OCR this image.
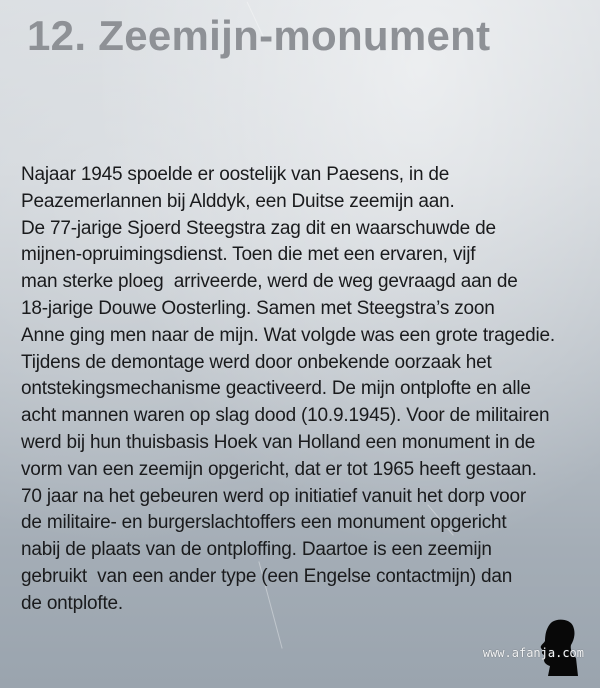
12. Zeemijn-monument
Najaar 1945 spoelde er oostelijk van Paesens, in de
Peazemerlannen bij Alddyk, een Duitse zeemijn aan.
De 77-jarige Sjoerd Steegstra zag dit en waarschuwde de
mijnen-opruimingsdienst. Toen die met een ervaren, vijf
man sterke ploeg  arriveerde, werd de weg gevraagd aan de
18-jarige Douwe Oosterling. Samen met Steegstra’s zoon
Anne ging men naar de mijn. Wat volgde was een grote tragedie.
Tijdens de demontage werd door onbekende oorzaak het
ontstekingsmechanisme geactiveerd. De mijn ontplofte en alle
acht mannen waren op slag dood (10.9.1945). Voor de militairen
werd bij hun thuisbasis Hoek van Holland een monument in de
vorm van een zeemijn opgericht, dat er tot 1965 heeft gestaan.
70 jaar na het gebeuren werd op initiatief vanuit het dorp voor
de militaire- en burgerslachtoffers een monument opgericht
nabij de plaats van de ontploffing. Daartoe is een zeemijn
gebruikt  van een ander type (een Engelse contactmijn) dan
de ontplofte.
www.afanja.com
